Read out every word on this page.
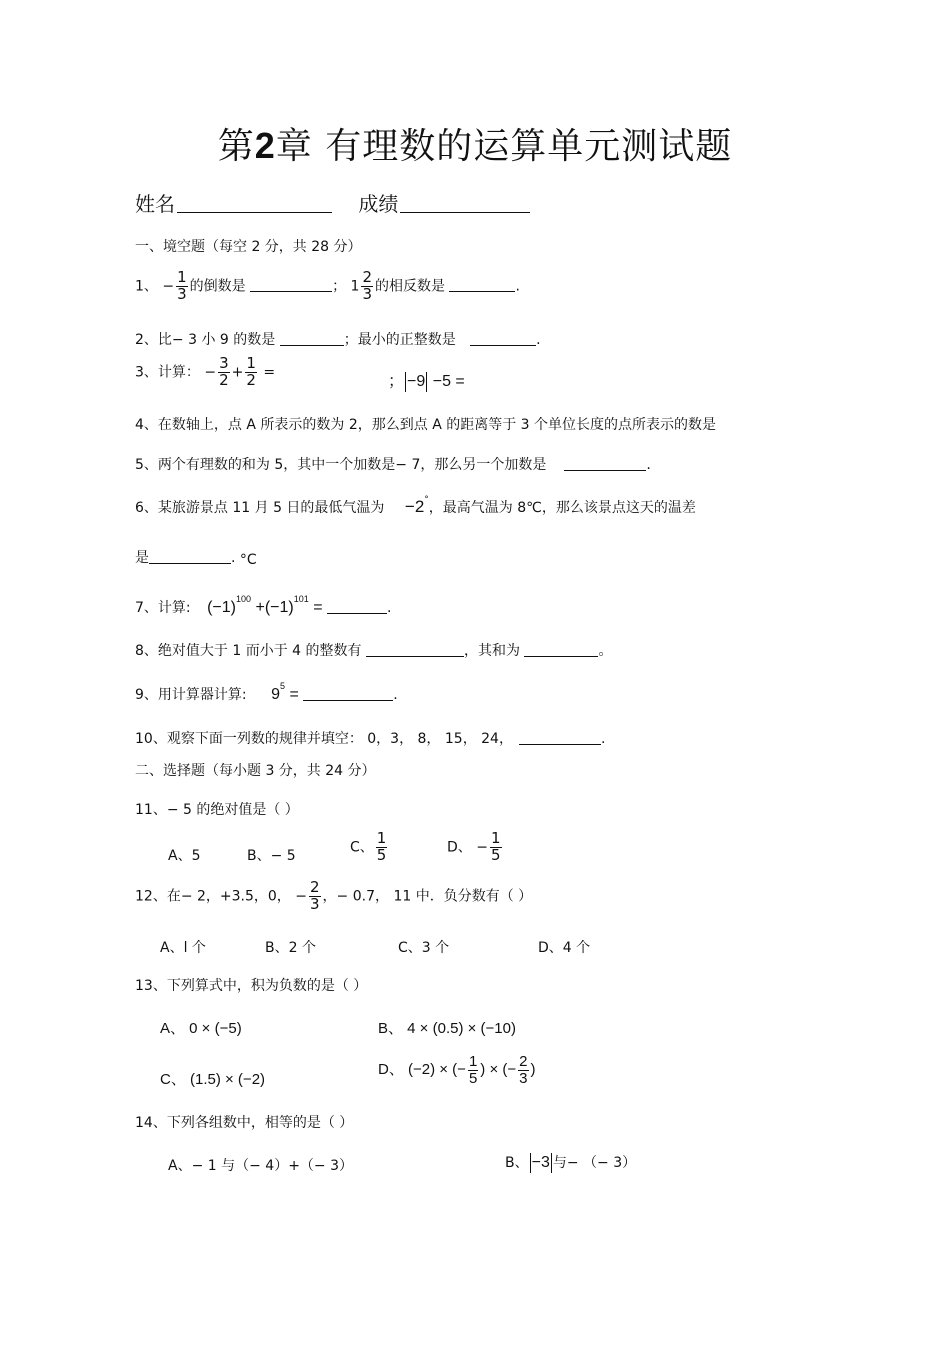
第2章 有理数的运算单元测试题
姓名	成绩
一、境空题（每空 2 分，共 28 分）
1、 − $\frac{1}{3}$ 的倒数是	； $1 \frac{2}{3}$ 的相反数是	.
2、比− 3 小 9 的数是	；最小的正整数是	.
3、计算： − $\frac{3}{2} + \frac{1}{2}$ =
； −9 −5 =
4、在数轴上，点 A 所表示的数为 2，那么到点 A 的距离等于 3 个单位长度的点所表示的数是
5、两个有理数的和为 5，其中一个加数是− 7，那么另一个加数是	.
6、某旅游景点 11 月 5 日的最低气温为 −2°，最高气温为 8℃，那么该景点这天的温差
是	. °C
7、计算: $(-1)^{100} +(-1)^{101}$ =	.
8、绝对值大于 1 而小于 4 的整数有	，其和为	。
9、用计算器计算: $9^5$ =	.
10、观察下面一列数的规律并填空： 0，3， 8， 15， 24，	.
二、选择题（每小题 3 分，共 24 分）
11、− 5 的绝对值是（ ）
A、5	B、− 5
C、 $\frac{1}{5}$	D、 − $\frac{1}{5}$
12、在− 2，+3.5，0， − $\frac{2}{3}$ ，− 0.7， 11 中．负分数有（ ）
A、l 个	B、2 个	C、3 个	D、4 个
13、下列算式中，积为负数的是（ ）
A、 0 × (−5)	B、 4 × (0.5) × (−10)
C、 (1.5) × (−2)
D、 (−2) × (− $\frac{1}{5}$ ) × (− $\frac{2}{3}$ )
14、下列各组数中，相等的是（ ）
A、− 1 与（− 4）+（− 3）	B、 −3 与− （− 3）
